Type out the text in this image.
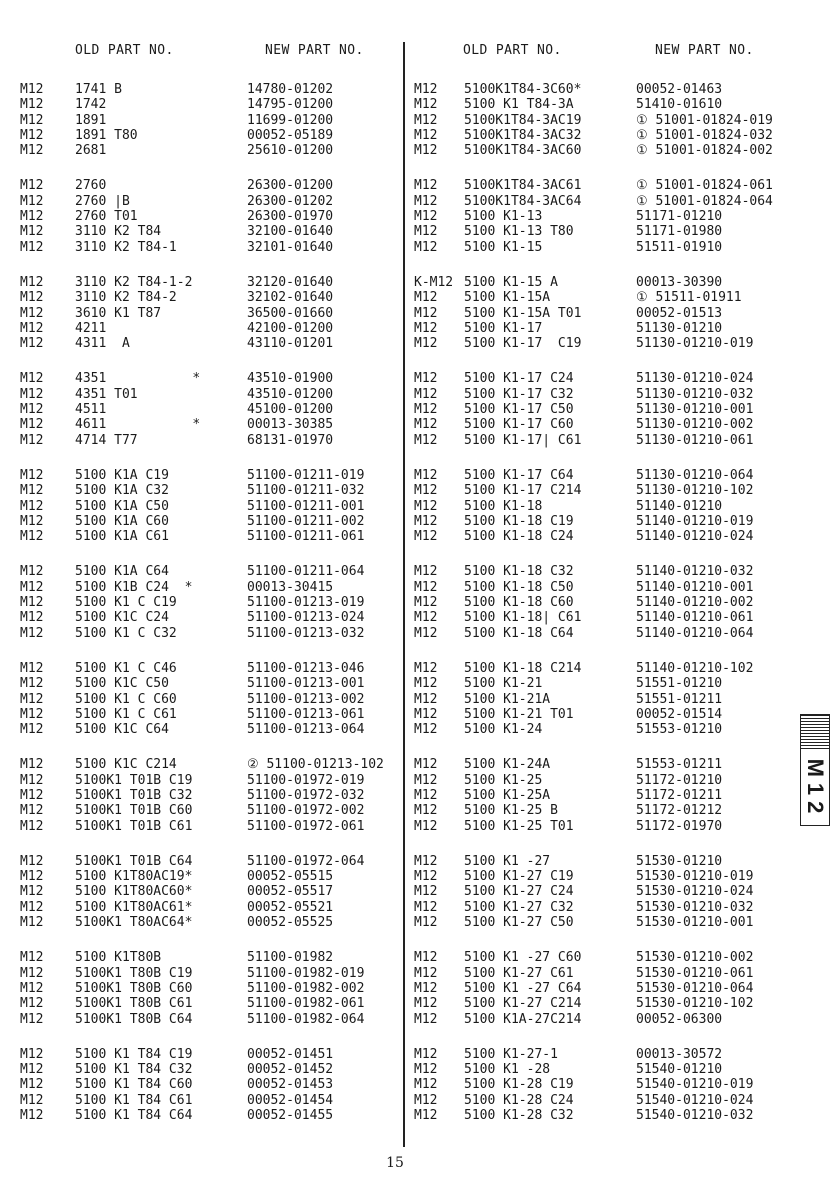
OLD PART NO.	NEW PART NO.	OLD PART NO.	NEW PART NO.
M12 1741 B	14780-01202
M12 1742	14795-01200
M12 1891	11699-01200
M12 1891 T80	00052-05189
M12 2681	25610-01200
M12 2760	26300-01200
M12 2760 |B	26300-01202
M12 2760 T01	26300-01970
M12 3110 K2 T84	32100-01640
M12 3110 K2 T84-1	32101-01640
M12 3110 K2 T84-1-2	32120-01640
M12 3110 K2 T84-2	32102-01640
M12 3610 K1 T87	36500-01660
M12 4211	42100-01200
M12 4311  A	43110-01201
M12 4351           *	43510-01900
M12 4351 T01	43510-01200
M12 4511	45100-01200
M12 4611           *	00013-30385
M12 4714 T77	68131-01970
M12 5100 K1A C19	51100-01211-019
M12 5100 K1A C32	51100-01211-032
M12 5100 K1A C50	51100-01211-001
M12 5100 K1A C60	51100-01211-002
M12 5100 K1A C61	51100-01211-061
M12 5100 K1A C64	51100-01211-064
M12 5100 K1B C24  *	00013-30415
M12 5100 K1 C C19	51100-01213-019
M12 5100 K1C C24	51100-01213-024
M12 5100 K1 C C32	51100-01213-032
M12 5100 K1 C C46	51100-01213-046
M12 5100 K1C C50	51100-01213-001
M12 5100 K1 C C60	51100-01213-002
M12 5100 K1 C C61	51100-01213-061
M12 5100 K1C C64	51100-01213-064
M12 5100 K1C C214	② 51100-01213-102
M12 5100K1 T01B C19	51100-01972-019
M12 5100K1 T01B C32	51100-01972-032
M12 5100K1 T01B C60	51100-01972-002
M12 5100K1 T01B C61	51100-01972-061
M12 5100K1 T01B C64	51100-01972-064
M12 5100 K1T80AC19*	00052-05515
M12 5100 K1T80AC60*	00052-05517
M12 5100 K1T80AC61*	00052-05521
M12 5100K1 T80AC64*	00052-05525
M12 5100 K1T80B	51100-01982
M12 5100K1 T80B C19	51100-01982-019
M12 5100K1 T80B C60	51100-01982-002
M12 5100K1 T80B C61	51100-01982-061
M12 5100K1 T80B C64	51100-01982-064
M12 5100 K1 T84 C19	00052-01451
M12 5100 K1 T84 C32	00052-01452
M12 5100 K1 T84 C60	00052-01453
M12 5100 K1 T84 C61	00052-01454
M12 5100 K1 T84 C64	00052-01455
M12 5100K1T84-3C60*	00052-01463
M12 5100 K1 T84-3A	51410-01610
M12 5100K1T84-3AC19	① 51001-01824-019
M12 5100K1T84-3AC32	① 51001-01824-032
M12 5100K1T84-3AC60	① 51001-01824-002
M12 5100K1T84-3AC61	① 51001-01824-061
M12 5100K1T84-3AC64	① 51001-01824-064
M12 5100 K1-13	51171-01210
M12 5100 K1-13 T80	51171-01980
M12 5100 K1-15	51511-01910
K-M12 5100 K1-15 A	00013-30390
M12 5100 K1-15A	① 51511-01911
M12 5100 K1-15A T01	00052-01513
M12 5100 K1-17	51130-01210
M12 5100 K1-17  C19	51130-01210-019
M12 5100 K1-17 C24	51130-01210-024
M12 5100 K1-17 C32	51130-01210-032
M12 5100 K1-17 C50	51130-01210-001
M12 5100 K1-17 C60	51130-01210-002
M12 5100 K1-17| C61	51130-01210-061
M12 5100 K1-17 C64	51130-01210-064
M12 5100 K1-17 C214	51130-01210-102
M12 5100 K1-18	51140-01210
M12 5100 K1-18 C19	51140-01210-019
M12 5100 K1-18 C24	51140-01210-024
M12 5100 K1-18 C32	51140-01210-032
M12 5100 K1-18 C50	51140-01210-001
M12 5100 K1-18 C60	51140-01210-002
M12 5100 K1-18| C61	51140-01210-061
M12 5100 K1-18 C64	51140-01210-064
M12 5100 K1-18 C214	51140-01210-102
M12 5100 K1-21	51551-01210
M12 5100 K1-21A	51551-01211
M12 5100 K1-21 T01	00052-01514
M12 5100 K1-24	51553-01210
M12 5100 K1-24A	51553-01211
M12 5100 K1-25	51172-01210
M12 5100 K1-25A	51172-01211
M12 5100 K1-25 B	51172-01212
M12 5100 K1-25 T01	51172-01970
M12 5100 K1 -27	51530-01210
M12 5100 K1-27 C19	51530-01210-019
M12 5100 K1-27 C24	51530-01210-024
M12 5100 K1-27 C32	51530-01210-032
M12 5100 K1-27 C50	51530-01210-001
M12 5100 K1 -27 C60	51530-01210-002
M12 5100 K1-27 C61	51530-01210-061
M12 5100 K1 -27 C64	51530-01210-064
M12 5100 K1-27 C214	51530-01210-102
M12 5100 K1A-27C214	00052-06300
M12 5100 K1-27-1	00013-30572
M12 5100 K1 -28	51540-01210
M12 5100 K1-28 C19	51540-01210-019
M12 5100 K1-28 C24	51540-01210-024
M12 5100 K1-28 C32	51540-01210-032
15
M12
